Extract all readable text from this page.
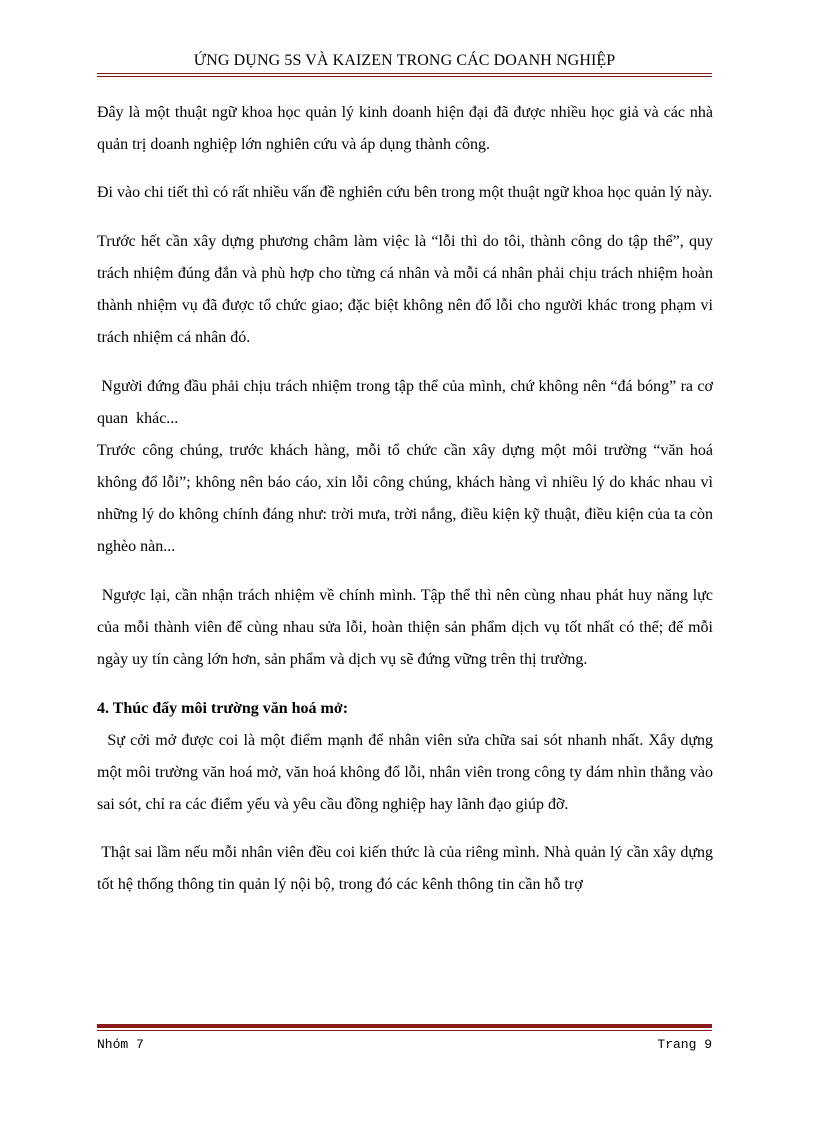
ỨNG DỤNG 5S VÀ KAIZEN TRONG CÁC DOANH NGHIỆP

Đây là một thuật ngữ khoa học quản lý kinh doanh hiện đại đã được nhiều học giả và các nhà quản trị doanh nghiệp lớn nghiên cứu và áp dụng thành công.

Đi vào chi tiết thì có rất nhiều vấn đề nghiên cứu bên trong một thuật ngữ khoa học quản lý này.

Trước hết cần xây dựng phương châm làm việc là “lỗi thì do tôi, thành công do tập thể”, quy trách nhiệm đúng đắn và phù hợp cho từng cá nhân và mỗi cá nhân phải chịu trách nhiệm hoàn thành nhiệm vụ đã được tổ chức giao; đặc biệt không nên đổ lỗi cho người khác trong phạm vi trách nhiệm cá nhân đó.

Người đứng đầu phải chịu trách nhiệm trong tập thể của mình, chứ không nên “đá bóng” ra cơ quan  khác...

Trước công chúng, trước khách hàng, mỗi tổ chức cần xây dựng một môi trường “văn hoá không đổ lỗi”; không nên báo cáo, xin lỗi công chúng, khách hàng vì nhiều lý do khác nhau vì những lý do không chính đáng như: trời mưa, trời nắng, điều kiện kỹ thuật, điều kiện của ta còn nghèo nàn...

Ngược lại, cần nhận trách nhiệm về chính mình. Tập thể thì nên cùng nhau phát huy năng lực của mỗi thành viên để cùng nhau sửa lỗi, hoàn thiện sản phẩm dịch vụ tốt nhất có thể; để mỗi ngày uy tín càng lớn hơn, sản phẩm và dịch vụ sẽ đứng vững trên thị trường.

4. Thúc đẩy môi trường văn hoá mở:

Sự cởi mở được coi là một điểm mạnh để nhân viên sửa chữa sai sót nhanh nhất. Xây dựng một môi trường văn hoá mở, văn hoá không đổ lỗi, nhân viên trong công ty dám nhìn thẳng vào sai sót, chỉ ra các điểm yếu và yêu cầu đồng nghiệp hay lãnh đạo giúp đỡ.

Thật sai lầm nếu mỗi nhân viên đều coi kiến thức là của riêng mình. Nhà quản lý cần xây dựng tốt hệ thống thông tin quản lý nội bộ, trong đó các kênh thông tin cần hỗ trợ

Nhóm 7	Trang 9
